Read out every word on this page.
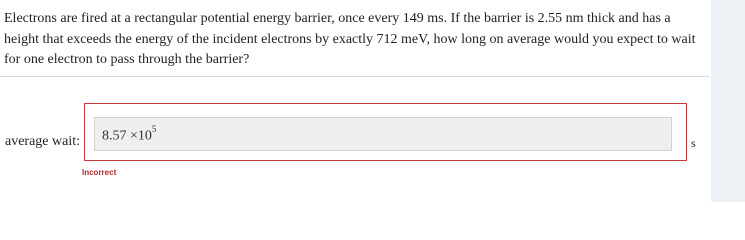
Electrons are fired at a rectangular potential energy barrier, once every 149 ms. If the barrier is 2.55 nm thick and has a height that exceeds the energy of the incident electrons by exactly 712 meV, how long on average would you expect to wait for one electron to pass through the barrier?
average wait: $8.57 \times 10^5$
s
Incorrect
